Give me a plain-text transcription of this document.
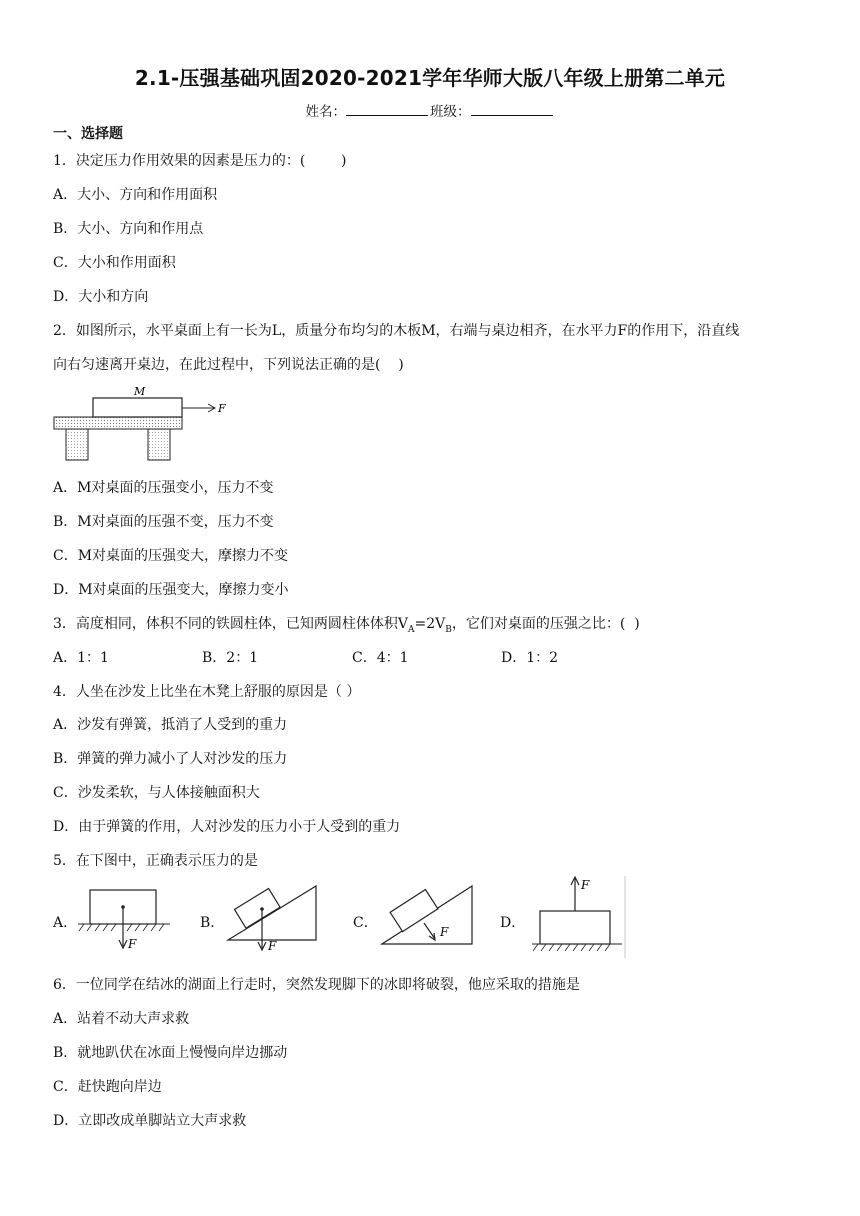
2.1-压强基础巩固2020-2021学年华师大版八年级上册第二单元
姓名：	班级：
一、选择题
1．决定压力作用效果的因素是压力的：(        )
A．大小、方向和作用面积
B．大小、方向和作用点
C．大小和作用面积
D．大小和方向
2．如图所示，水平桌面上有一长为L，质量分布均匀的木板M，右端与桌边相齐，在水平力F的作用下，沿直线
向右匀速离开桌边，在此过程中，下列说法正确的是(    )
M
F
A．M对桌面的压强变小，压力不变
B．M对桌面的压强不变，压力不变
C．M对桌面的压强变大，摩擦力不变
D．M对桌面的压强变大，摩擦力变小
3．高度相同，体积不同的铁圆柱体，已知两圆柱体体积$V_A=2V_B$，它们对桌面的压强之比：(  )
A．1：1	B．2：1	C．4：1	D．1：2
4．人坐在沙发上比坐在木凳上舒服的原因是（ ）
A．沙发有弹簧，抵消了人受到的重力
B．弹簧的弹力减小了人对沙发的压力
C．沙发柔软，与人体接触面积大
D．由于弹簧的作用，人对沙发的压力小于人受到的重力
5．在下图中，正确表示压力的是
A．
F
B．
F
C．
F
D．
F
6．一位同学在结冰的湖面上行走时，突然发现脚下的冰即将破裂，他应采取的措施是
A．站着不动大声求救
B．就地趴伏在冰面上慢慢向岸边挪动
C．赶快跑向岸边
D．立即改成单脚站立大声求救
